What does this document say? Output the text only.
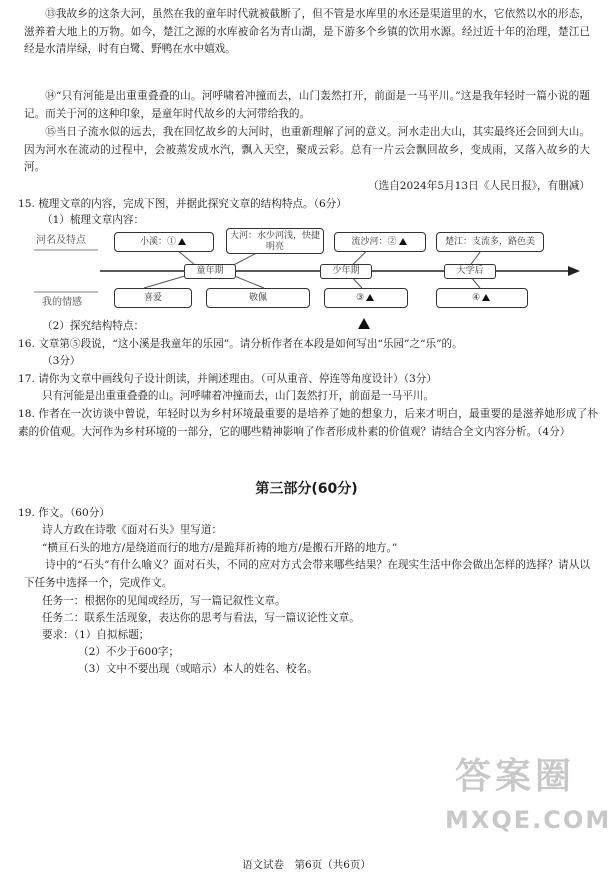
⑬我故乡的这条大河，虽然在我的童年时代就被截断了，但不管是水库里的水还是渠道里的水，它依然以水的形态，滋养着大地上的万物。如今，楚江之源的水库被命名为青山湖，是下游多个乡镇的饮用水源。经过近十年的治理，楚江已经是水清岸绿，时有白鹭、野鸭在水中嬉戏。
⑭“只有河能是出重重叠叠的山。河呼啸着冲撞而去，山门轰然打开，前面是一马平川。”这是我年轻时一篇小说的题记。而关于河的这种印象，是童年时代故乡的大河带给我的。
⑮当日子流水似的远去，我在回忆故乡的大河时，也重新理解了河的意义。河水走出大山，其实最终还会回到大山。因为河水在流动的过程中，会被蒸发成水汽，飘入天空，聚成云彩。总有一片云会飘回故乡，变成雨，又落入故乡的大河。
（选自2024年5月13日《人民日报》，有删减）
15. 梳理文章的内容，完成下图，并据此探究文章的结构特点。（6分）
（1）梳理文章内容：
河名及特点
我的情感
小溪：①
大河：水少河浅，快捷明亮	流沙河：②	楚江：支流多，路色美
童年期	少年期	大学后
喜爱	敬佩	③	④
（2）探究结构特点：
16. 文章第⑤段说，“这小溪是我童年的乐园”。请分析作者在本段是如何写出“乐园”之“乐”的。
（3分）
17. 请你为文章中画线句子设计朗读，并阐述理由。（可从重音、停连等角度设计）（3分）
只有河能是出重重叠叠的山。河呼啸着冲撞而去，山门轰然打开，前面是一马平川。
18. 作者在一次访谈中曾说，年轻时以为乡村环境最重要的是培养了她的想象力，后来才明白，最重要的是滋养她形成了朴素的价值观。大河作为乡村环境的一部分，它的哪些精神影响了作者形成朴素的价值观？请结合全文内容分析。（4分）
第三部分(60分)
19. 作文。（60分）
诗人方政在诗歌《面对石头》里写道：
“横亘石头的地方/是绕道而行的地方/是跪拜祈祷的地方/是搬石开路的地方。”
诗中的“石头”有什么喻义？面对石头，不同的应对方式会带来哪些结果？在现实生活中你会做出怎样的选择？请从以下任务中选择一个，完成作文。
任务一：根据你的见闻或经历，写一篇记叙性文章。
任务二：联系生活现象，表达你的思考与看法，写一篇议论性文章。
要求：（1）自拟标题；
（2）不少于600字；
（3）文中不要出现（或暗示）本人的姓名、校名。
答案圈
MXQE.COM
语文试卷　第6页（共6页）
